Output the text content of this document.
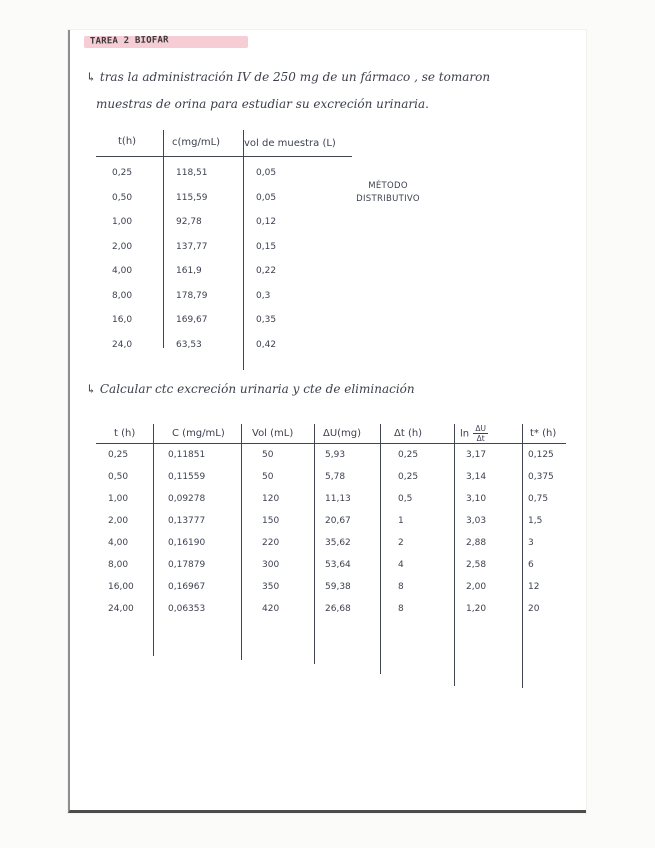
TAREA 2 BIOFAR
↳ tras la administración IV de 250 mg de un fármaco , se tomaron
muestras de orina para estudiar su excreción urinaria.
t(h)	c(mg/mL) vol de muestra (L)
0,25	118,51	0,05
0,50	115,59	0,05
1,00	92,78	0,12
2,00	137,77	0,15
4,00	161,9	0,22
8,00	178,79	0,3
16,0	169,67	0,35
24,0	63,53	0,42
MÉTODO
DISTRIBUTIVO
↳ Calcular ctc excreción urinaria y cte de eliminación
t (h)	C (mg/mL)	Vol (mL)	ΔU(mg)	Δt (h)	$\ln \frac{\Delta U}{\Delta t}$	t* (h)
0,25	0,11851	50	5,93	0,25	3,17	0,125
0,50	0,11559	50	5,78	0,25	3,14	0,375
1,00	0,09278	120	11,13	0,5	3,10	0,75
2,00	0,13777	150	20,67	1	3,03	1,5
4,00	0,16190	220	35,62	2	2,88	3
8,00	0,17879	300	53,64	4	2,58	6
16,00	0,16967	350	59,38	8	2,00	12
24,00	0,06353	420	26,68	8	1,20	20
